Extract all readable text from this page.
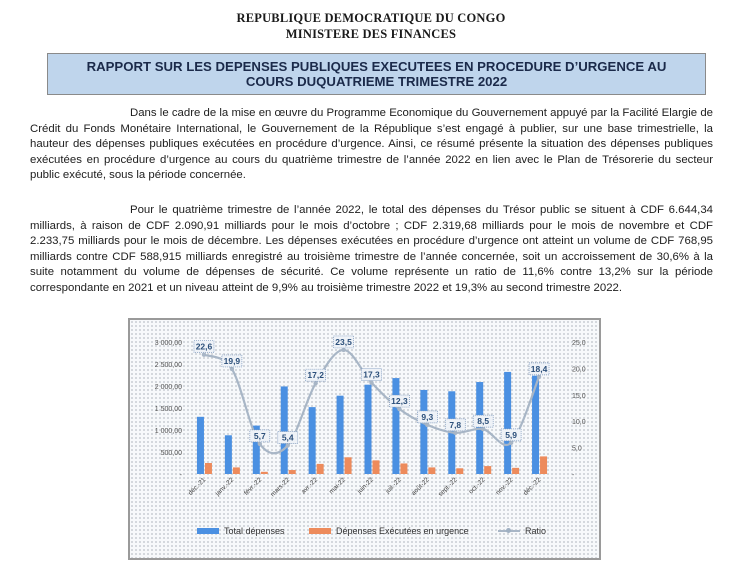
REPUBLIQUE DEMOCRATIQUE DU CONGO
MINISTERE DES FINANCES
RAPPORT SUR LES DEPENSES PUBLIQUES EXECUTEES EN PROCEDURE D’URGENCE AU
COURS DUQUATRIEME TRIMESTRE 2022
Dans le cadre de la mise en œuvre du Programme Economique du Gouvernement appuyé par la Facilité Elargie de Crédit du Fonds Monétaire International, le Gouvernement de la République s’est engagé à publier, sur une base trimestrielle, la hauteur des dépenses publiques exécutées en procédure d’urgence. Ainsi, ce résumé présente la situation des dépenses publiques exécutées en procédure d’urgence au cours du quatrième trimestre de l’année 2022 en lien avec le Plan de Trésorerie du secteur public exécuté, sous la période concernée.
Pour le quatrième trimestre de l’année 2022, le total des dépenses du Trésor public se situent à CDF 6.644,34 milliards, à raison de CDF 2.090,91 milliards pour le mois d’octobre ; CDF 2.319,68 milliards pour le mois de novembre et CDF 2.233,75 milliards pour le mois de décembre. Les dépenses exécutées en procédure d’urgence ont atteint un volume de CDF 768,95 milliards contre CDF 588,915 milliards enregistré au troisième trimestre de l’année concernée, soit un accroissement de 30,6% à la suite notamment du volume de dépenses de sécurité. Ce volume représente un ratio de 11,6% contre 13,2% sur la période correspondante en 2021 et un niveau atteint de 9,9% au troisième trimestre 2022 et 19,3% au second trimestre 2022.
-
500,00
1 000,00
1 500,00
2 000,00
2 500,00
3 000,00
-
5,0
10,0
15,0
20,0
25,0
déc.-21 janv.-22 févr.-22 mars-22 avr.-22 mai-22 juin-22 juil.-22 août-22 sept.-22 oct.-22 nov.-22 déc.-22
22,6
19,9
5,7 5,4
17,2
23,5
17,3
12,3
9,3
7,8 8,5
5,9
18,4
Total dépenses	Dépenses Exécutées en urgence	Ratio
